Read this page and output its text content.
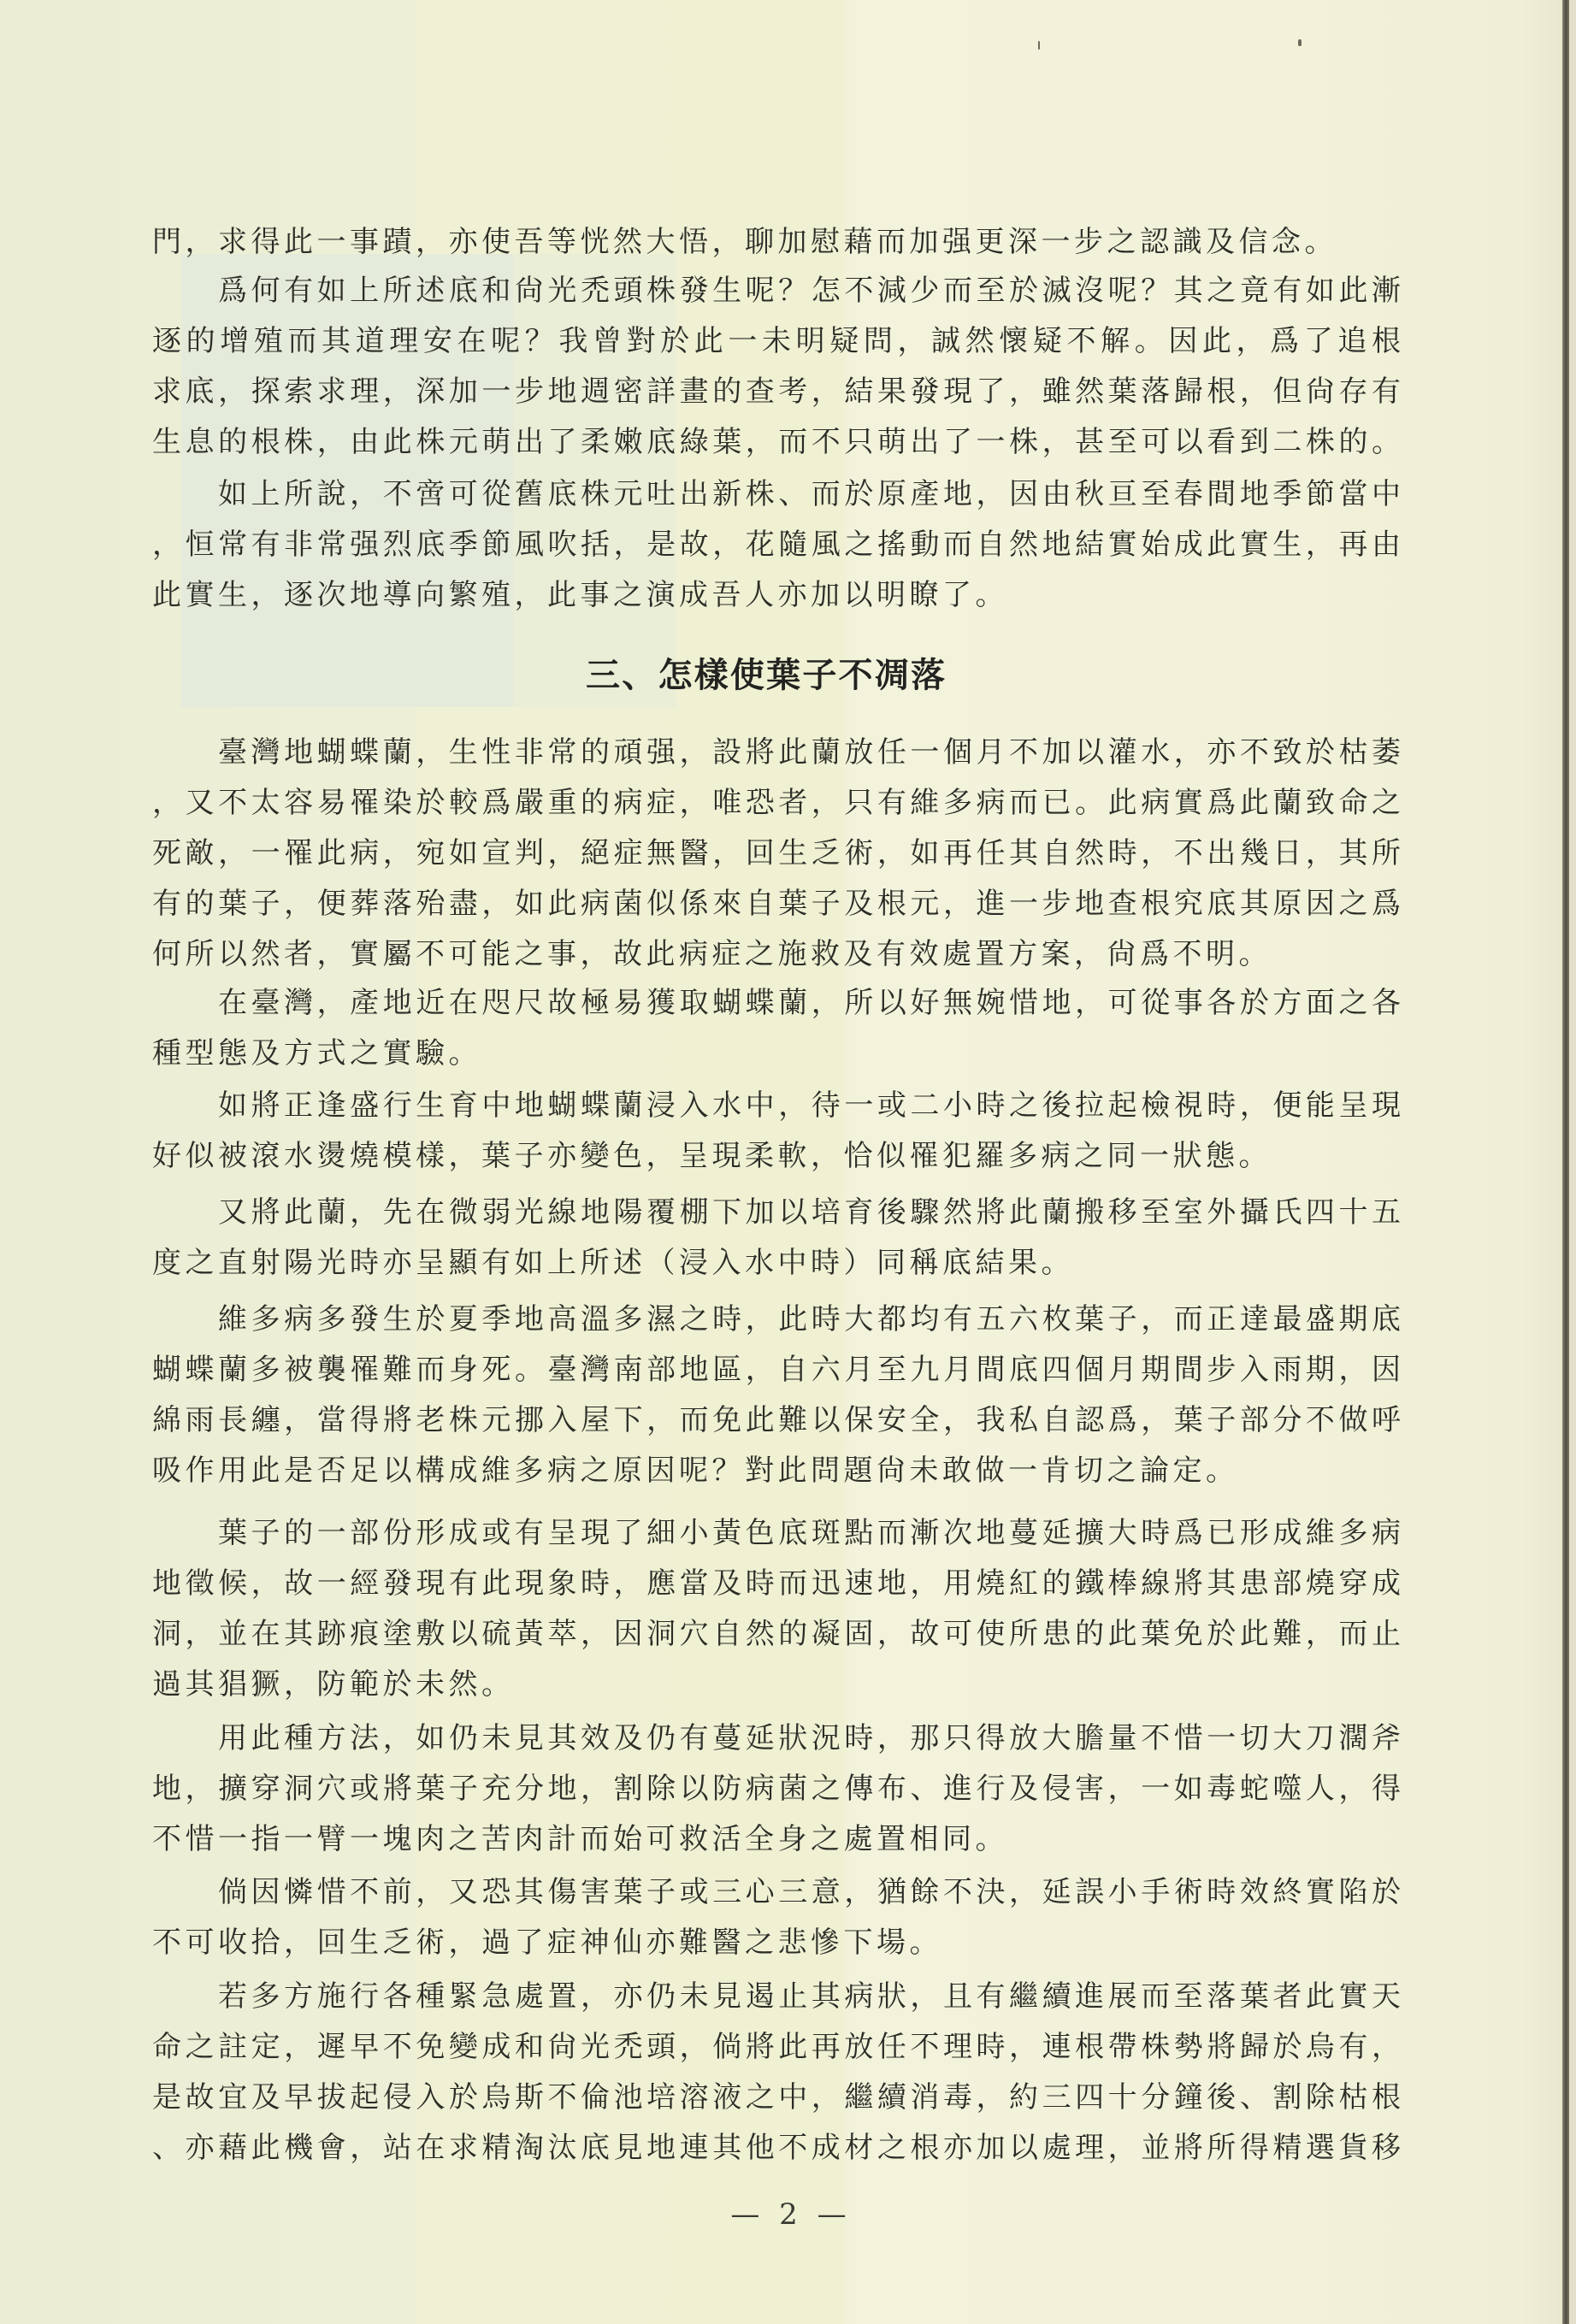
門，求得此一事蹟，亦使吾等恍然大悟，聊加慰藉而加强更深一步之認識及信念。
爲何有如上所述底和尙光禿頭株發生呢？怎不減少而至於滅沒呢？其之竟有如此漸
逐的增殖而其道理安在呢？我曾對於此一未明疑問，誠然懷疑不解。因此，爲了追根
求底，探索求理，深加一步地週密詳畫的查考，結果發現了，雖然葉落歸根，但尙存有
生息的根株，由此株元萌出了柔嫩底綠葉，而不只萌出了一株，甚至可以看到二株的。
如上所說，不啻可從舊底株元吐出新株、而於原產地，因由秋亘至春間地季節當中
，恒常有非常强烈底季節風吹括，是故，花隨風之搖動而自然地結實始成此實生，再由
此實生，逐次地導向繁殖，此事之演成吾人亦加以明瞭了。
三、怎樣使葉子不凋落
臺灣地蝴蝶蘭，生性非常的頑强，設將此蘭放任一個月不加以灌水，亦不致於枯萎
，又不太容易罹染於較爲嚴重的病症，唯恐者，只有維多病而已。此病實爲此蘭致命之
死敵，一罹此病，宛如宣判，絕症無醫，回生乏術，如再任其自然時，不出幾日，其所
有的葉子，便葬落殆盡，如此病菌似係來自葉子及根元，進一步地查根究底其原因之爲
何所以然者，實屬不可能之事，故此病症之施救及有效處置方案，尙爲不明。
在臺灣，產地近在咫尺故極易獲取蝴蝶蘭，所以好無婉惜地，可從事各於方面之各
種型態及方式之實驗。
如將正逢盛行生育中地蝴蝶蘭浸入水中，待一或二小時之後拉起檢視時，便能呈現
好似被滾水燙燒模樣，葉子亦變色，呈現柔軟，恰似罹犯羅多病之同一狀態。
又將此蘭，先在微弱光線地陽覆棚下加以培育後驟然將此蘭搬移至室外攝氏四十五
度之直射陽光時亦呈顯有如上所述（浸入水中時）同稱底結果。
維多病多發生於夏季地高溫多濕之時，此時大都均有五六枚葉子，而正達最盛期底
蝴蝶蘭多被襲罹難而身死。臺灣南部地區，自六月至九月間底四個月期間步入雨期，因
綿雨長纏，當得將老株元挪入屋下，而免此難以保安全，我私自認爲，葉子部分不做呼
吸作用此是否足以構成維多病之原因呢？對此問題尙未敢做一肯切之論定。
葉子的一部份形成或有呈現了細小黃色底斑點而漸次地蔓延擴大時爲已形成維多病
地徵候，故一經發現有此現象時，應當及時而迅速地，用燒紅的鐵棒線將其患部燒穿成
洞，並在其跡痕塗敷以硫黃萃，因洞穴自然的凝固，故可使所患的此葉免於此難，而止
過其猖獗，防範於未然。
用此種方法，如仍未見其效及仍有蔓延狀況時，那只得放大膽量不惜一切大刀濶斧
地，擴穿洞穴或將葉子充分地，割除以防病菌之傳布、進行及侵害，一如毒蛇噬人，得
不惜一指一臂一塊肉之苦肉計而始可救活全身之處置相同。
倘因憐惜不前，又恐其傷害葉子或三心三意，猶餘不決，延誤小手術時效終實陷於
不可收拾，回生乏術，過了症神仙亦難醫之悲慘下場。
若多方施行各種緊急處置，亦仍未見遏止其病狀，且有繼續進展而至落葉者此實天
命之註定，遲早不免變成和尙光禿頭，倘將此再放任不理時，連根帶株勢將歸於烏有，
是故宜及早拔起侵入於烏斯不倫池培溶液之中，繼續消毒，約三四十分鐘後、割除枯根
、亦藉此機會，站在求精淘汰底見地連其他不成材之根亦加以處理，並將所得精選貨移
— 2 —
